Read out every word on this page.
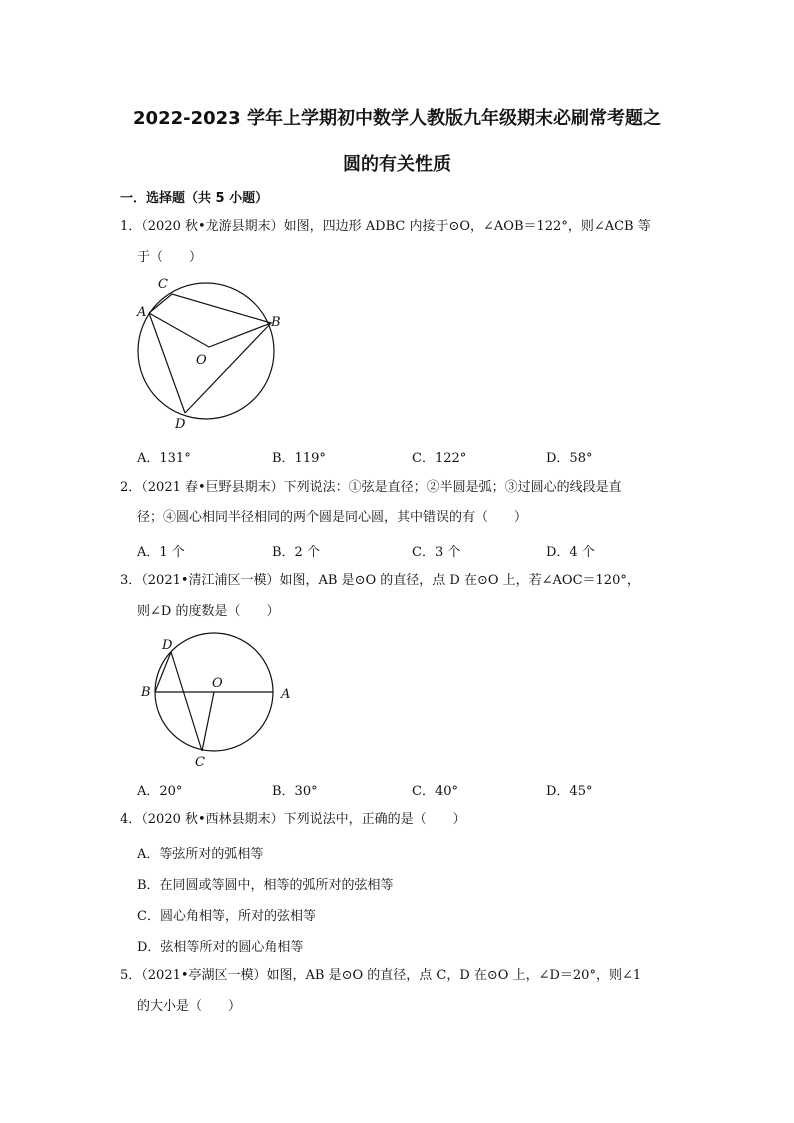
2022-2023 学年上学期初中数学人教版九年级期末必刷常考题之
圆的有关性质
一．选择题（共 5 小题）
1．（2020 秋•龙游县期末）如图，四边形 ADBC 内接于⊙O，∠AOB＝122°，则∠ACB 等
于（　　）
C
A
B
O
D
A．131°	B．119°	C．122°	D．58°
2．（2021 春•巨野县期末）下列说法：①弦是直径；②半圆是弧；③过圆心的线段是直
径；④圆心相同半径相同的两个圆是同心圆，其中错误的有（　　）
A．1 个	B．2 个	C．3 个	D．4 个
3．（2021•清江浦区一模）如图，AB 是⊙O 的直径，点 D 在⊙O 上，若∠AOC＝120°，
则∠D 的度数是（　　）
D
B
O
A
C
A．20°	B．30°	C．40°	D．45°
4．（2020 秋•西林县期末）下列说法中，正确的是（　　）
A．等弦所对的弧相等
B．在同圆或等圆中，相等的弧所对的弦相等
C．圆心角相等，所对的弦相等
D．弦相等所对的圆心角相等
5．（2021•亭湖区一模）如图，AB 是⊙O 的直径，点 C，D 在⊙O 上，∠D＝20°，则∠1
的大小是（　　）
